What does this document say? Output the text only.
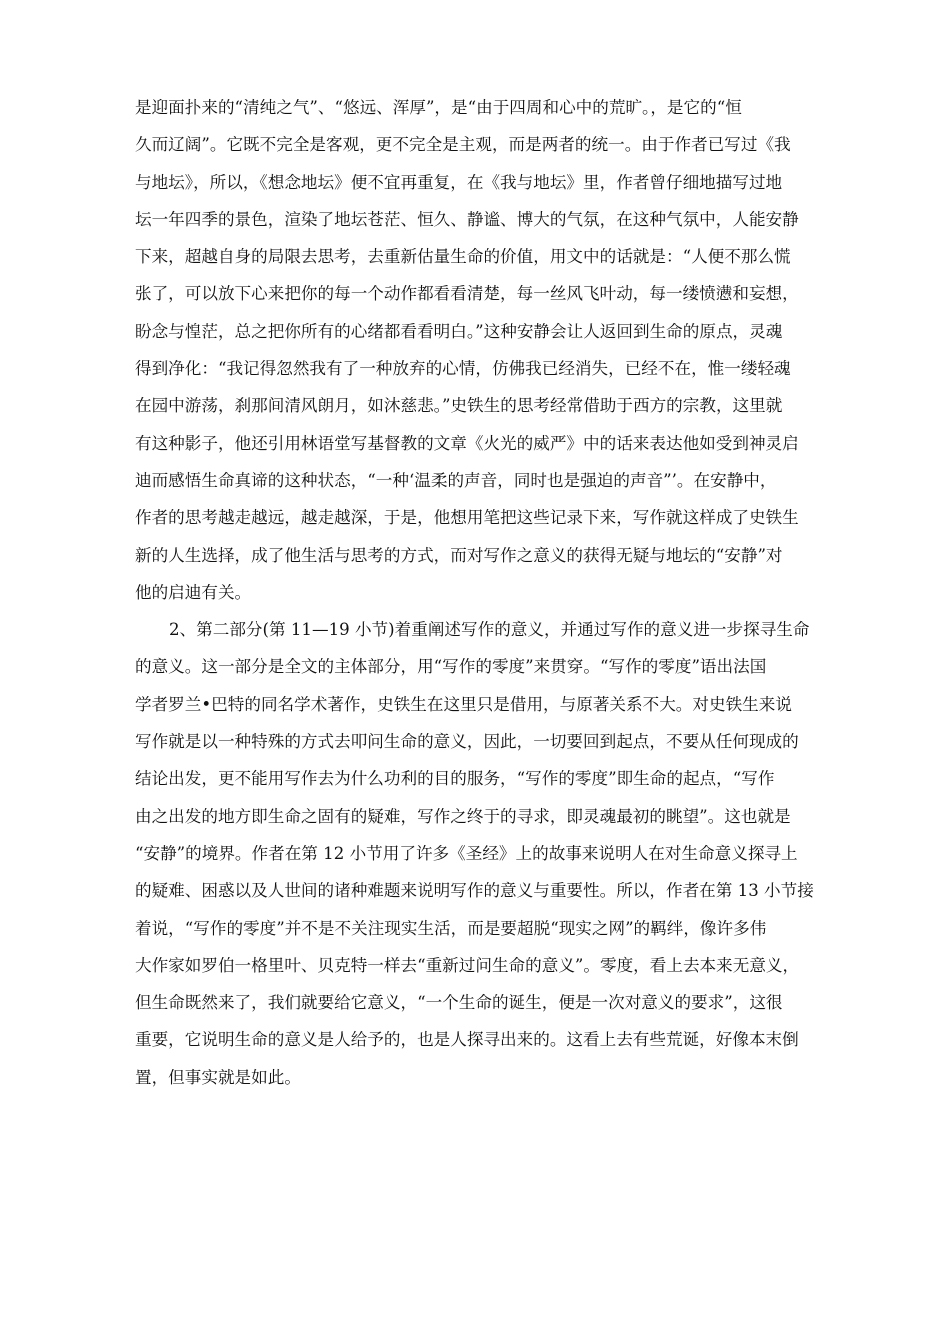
是迎面扑来的“清纯之气”、“悠远、浑厚”，是“由于四周和心中的荒旷。，是它的“恒
久而辽阔”。它既不完全是客观，更不完全是主观，而是两者的统一。由于作者已写过《我
与地坛》，所以，《想念地坛》便不宜再重复，在《我与地坛》里，作者曾仔细地描写过地
坛一年四季的景色，渲染了地坛苍茫、恒久、静谧、博大的气氛，在这种气氛中，人能安静
下来，超越自身的局限去思考，去重新估量生命的价值，用文中的话就是：“人便不那么慌
张了，可以放下心来把你的每一个动作都看看清楚，每一丝风飞叶动，每一缕愤懑和妄想，
盼念与惶茫，总之把你所有的心绪都看看明白。”这种安静会让人返回到生命的原点，灵魂
得到净化：“我记得忽然我有了一种放弃的心情，仿佛我已经消失，已经不在，惟一缕轻魂
在园中游荡，刹那间清风朗月，如沐慈悲。”史铁生的思考经常借助于西方的宗教，这里就
有这种影子，他还引用林语堂写基督教的文章《火光的威严》中的话来表达他如受到神灵启
迪而感悟生命真谛的这种状态，“一种‘温柔的声音，同时也是强迫的声音”’。在安静中，
作者的思考越走越远，越走越深，于是，他想用笔把这些记录下来，写作就这样成了史铁生
新的人生选择，成了他生活与思考的方式，而对写作之意义的获得无疑与地坛的“安静”对
他的启迪有关。
2、第二部分(第 11—19 小节)着重阐述写作的意义，并通过写作的意义进一步探寻生命
的意义。这一部分是全文的主体部分，用“写作的零度”来贯穿。“写作的零度”语出法国
学者罗兰•巴特的同名学术著作，史铁生在这里只是借用，与原著关系不大。对史铁生来说
写作就是以一种特殊的方式去叩问生命的意义，因此，一切要回到起点，不要从任何现成的
结论出发，更不能用写作去为什么功利的目的服务，“写作的零度”即生命的起点，“写作
由之出发的地方即生命之固有的疑难，写作之终于的寻求，即灵魂最初的眺望”。这也就是
“安静”的境界。作者在第 12 小节用了许多《圣经》上的故事来说明人在对生命意义探寻上
的疑难、困惑以及人世间的诸种难题来说明写作的意义与重要性。所以，作者在第 13 小节接
着说，“写作的零度”并不是不关注现实生活，而是要超脱“现实之网”的羁绊，像许多伟
大作家如罗伯一格里叶、贝克特一样去“重新过问生命的意义”。零度，看上去本来无意义，
但生命既然来了，我们就要给它意义，“一个生命的诞生，便是一次对意义的要求”，这很
重要，它说明生命的意义是人给予的，也是人探寻出来的。这看上去有些荒诞，好像本末倒
置，但事实就是如此。
